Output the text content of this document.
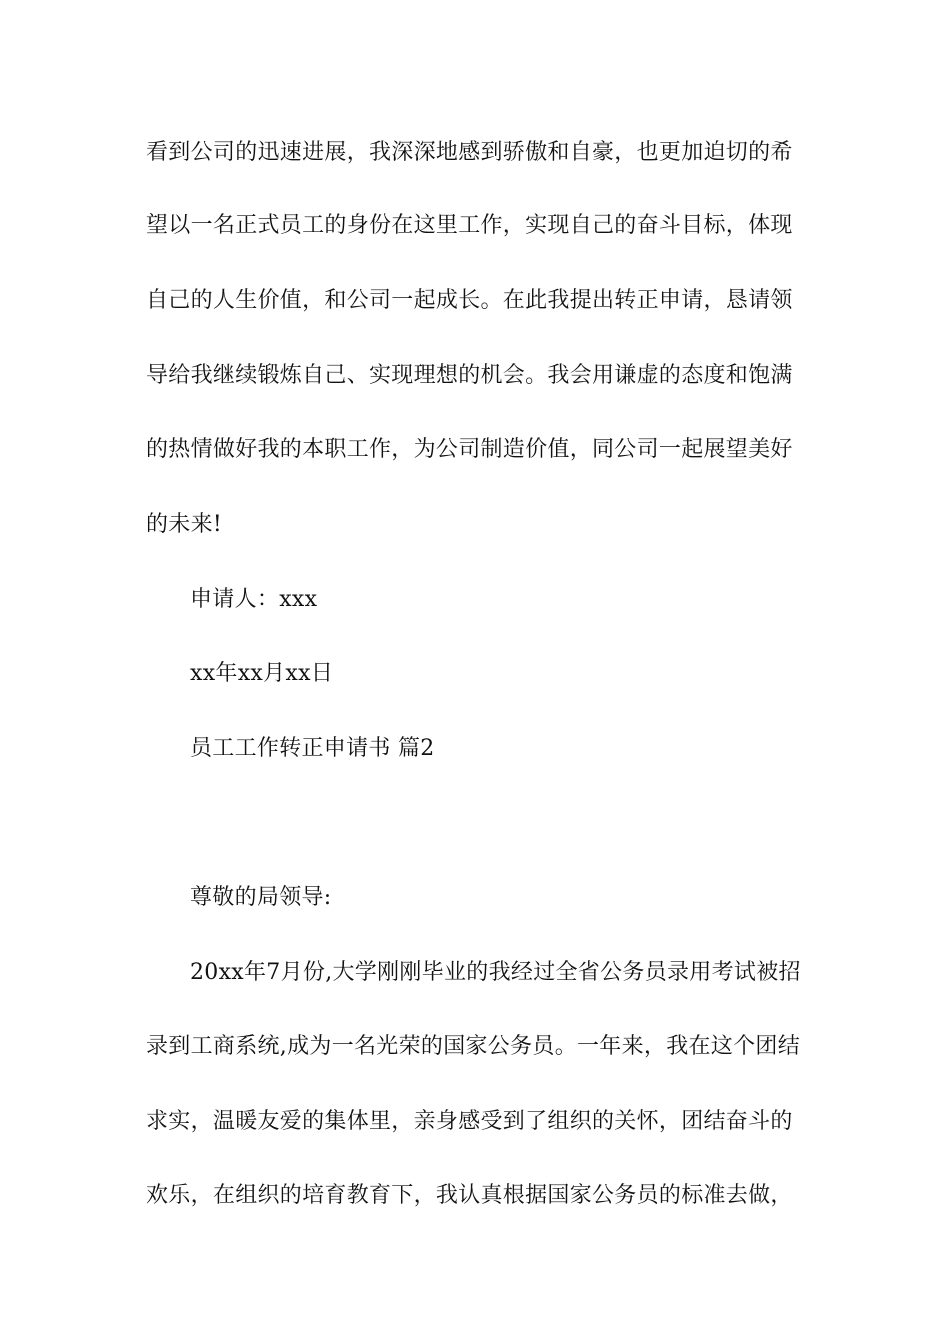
看到公司的迅速进展，我深深地感到骄傲和自豪，也更加迫切的希
望以一名正式员工的身份在这里工作，实现自己的奋斗目标，体现
自己的人生价值，和公司一起成长。在此我提出转正申请，恳请领
导给我继续锻炼自己、实现理想的机会。我会用谦虚的态度和饱满
的热情做好我的本职工作，为公司制造价值，同公司一起展望美好
的未来!
申请人：xxx
xx年xx月xx日
员工工作转正申请书 篇2
尊敬的局领导:
20xx年7月份,大学刚刚毕业的我经过全省公务员录用考试被招
录到工商系统,成为一名光荣的国家公务员。一年来，我在这个团结
求实，温暖友爱的集体里，亲身感受到了组织的关怀，团结奋斗的
欢乐，在组织的培育教育下，我认真根据国家公务员的标准去做，
